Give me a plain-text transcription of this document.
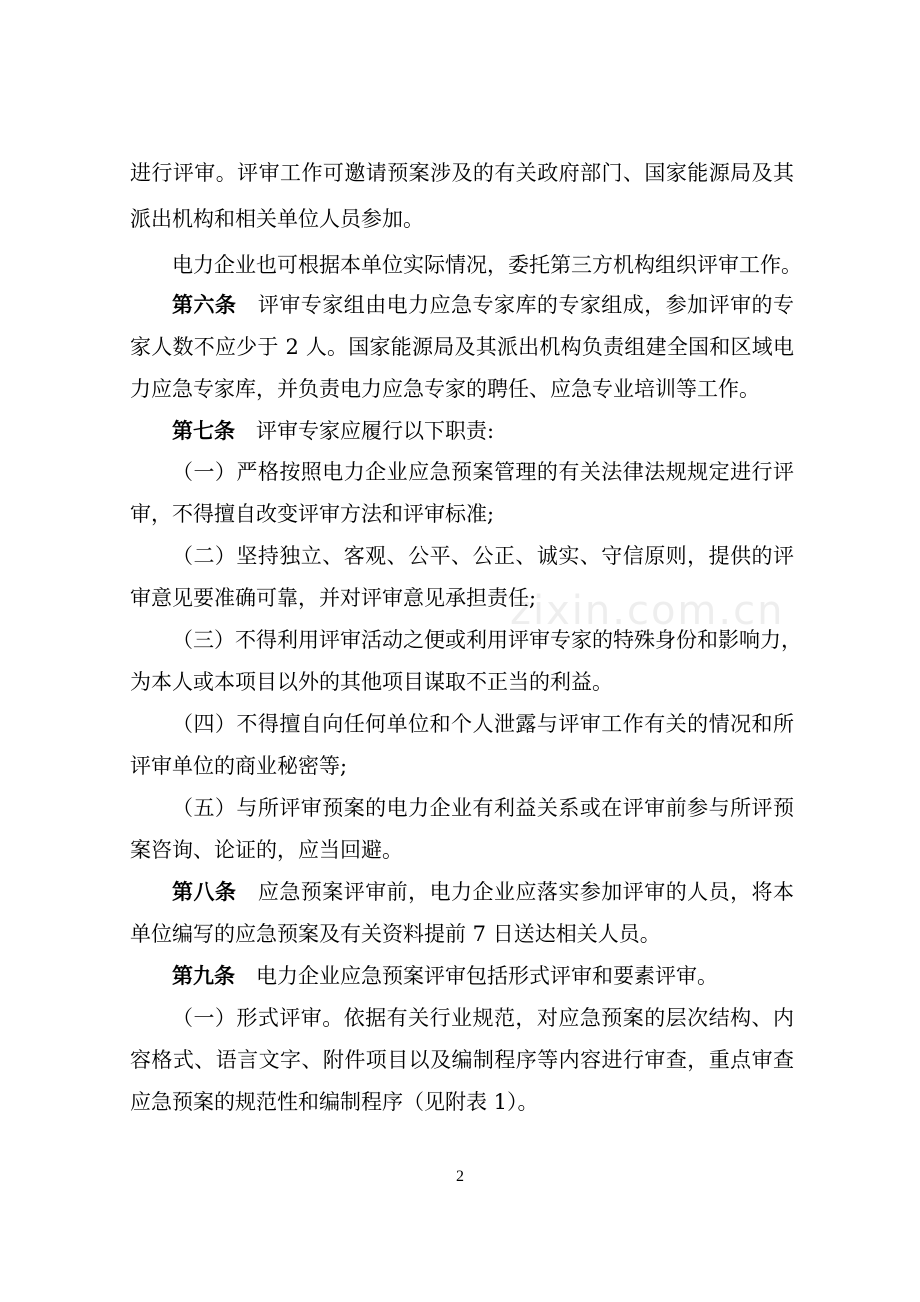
zixin.com.cn
进行评审。评审工作可邀请预案涉及的有关政府部门、国家能源局及其
派出机构和相关单位人员参加。
电力企业也可根据本单位实际情况，委托第三方机构组织评审工作。
第六条 评审专家组由电力应急专家库的专家组成，参加评审的专
家人数不应少于 2 人。国家能源局及其派出机构负责组建全国和区域电
力应急专家库，并负责电力应急专家的聘任、应急专业培训等工作。
第七条 评审专家应履行以下职责:
（一）严格按照电力企业应急预案管理的有关法律法规规定进行评
审，不得擅自改变评审方法和评审标准;
（二）坚持独立、客观、公平、公正、诚实、守信原则，提供的评
审意见要准确可靠，并对评审意见承担责任;
（三）不得利用评审活动之便或利用评审专家的特殊身份和影响力，
为本人或本项目以外的其他项目谋取不正当的利益。
（四）不得擅自向任何单位和个人泄露与评审工作有关的情况和所
评审单位的商业秘密等;
（五）与所评审预案的电力企业有利益关系或在评审前参与所评预
案咨询、论证的，应当回避。
第八条 应急预案评审前，电力企业应落实参加评审的人员，将本
单位编写的应急预案及有关资料提前 7 日送达相关人员。
第九条 电力企业应急预案评审包括形式评审和要素评审。
（一）形式评审。依据有关行业规范，对应急预案的层次结构、内
容格式、语言文字、附件项目以及编制程序等内容进行审查，重点审查
应急预案的规范性和编制程序（见附表 1）。
2
